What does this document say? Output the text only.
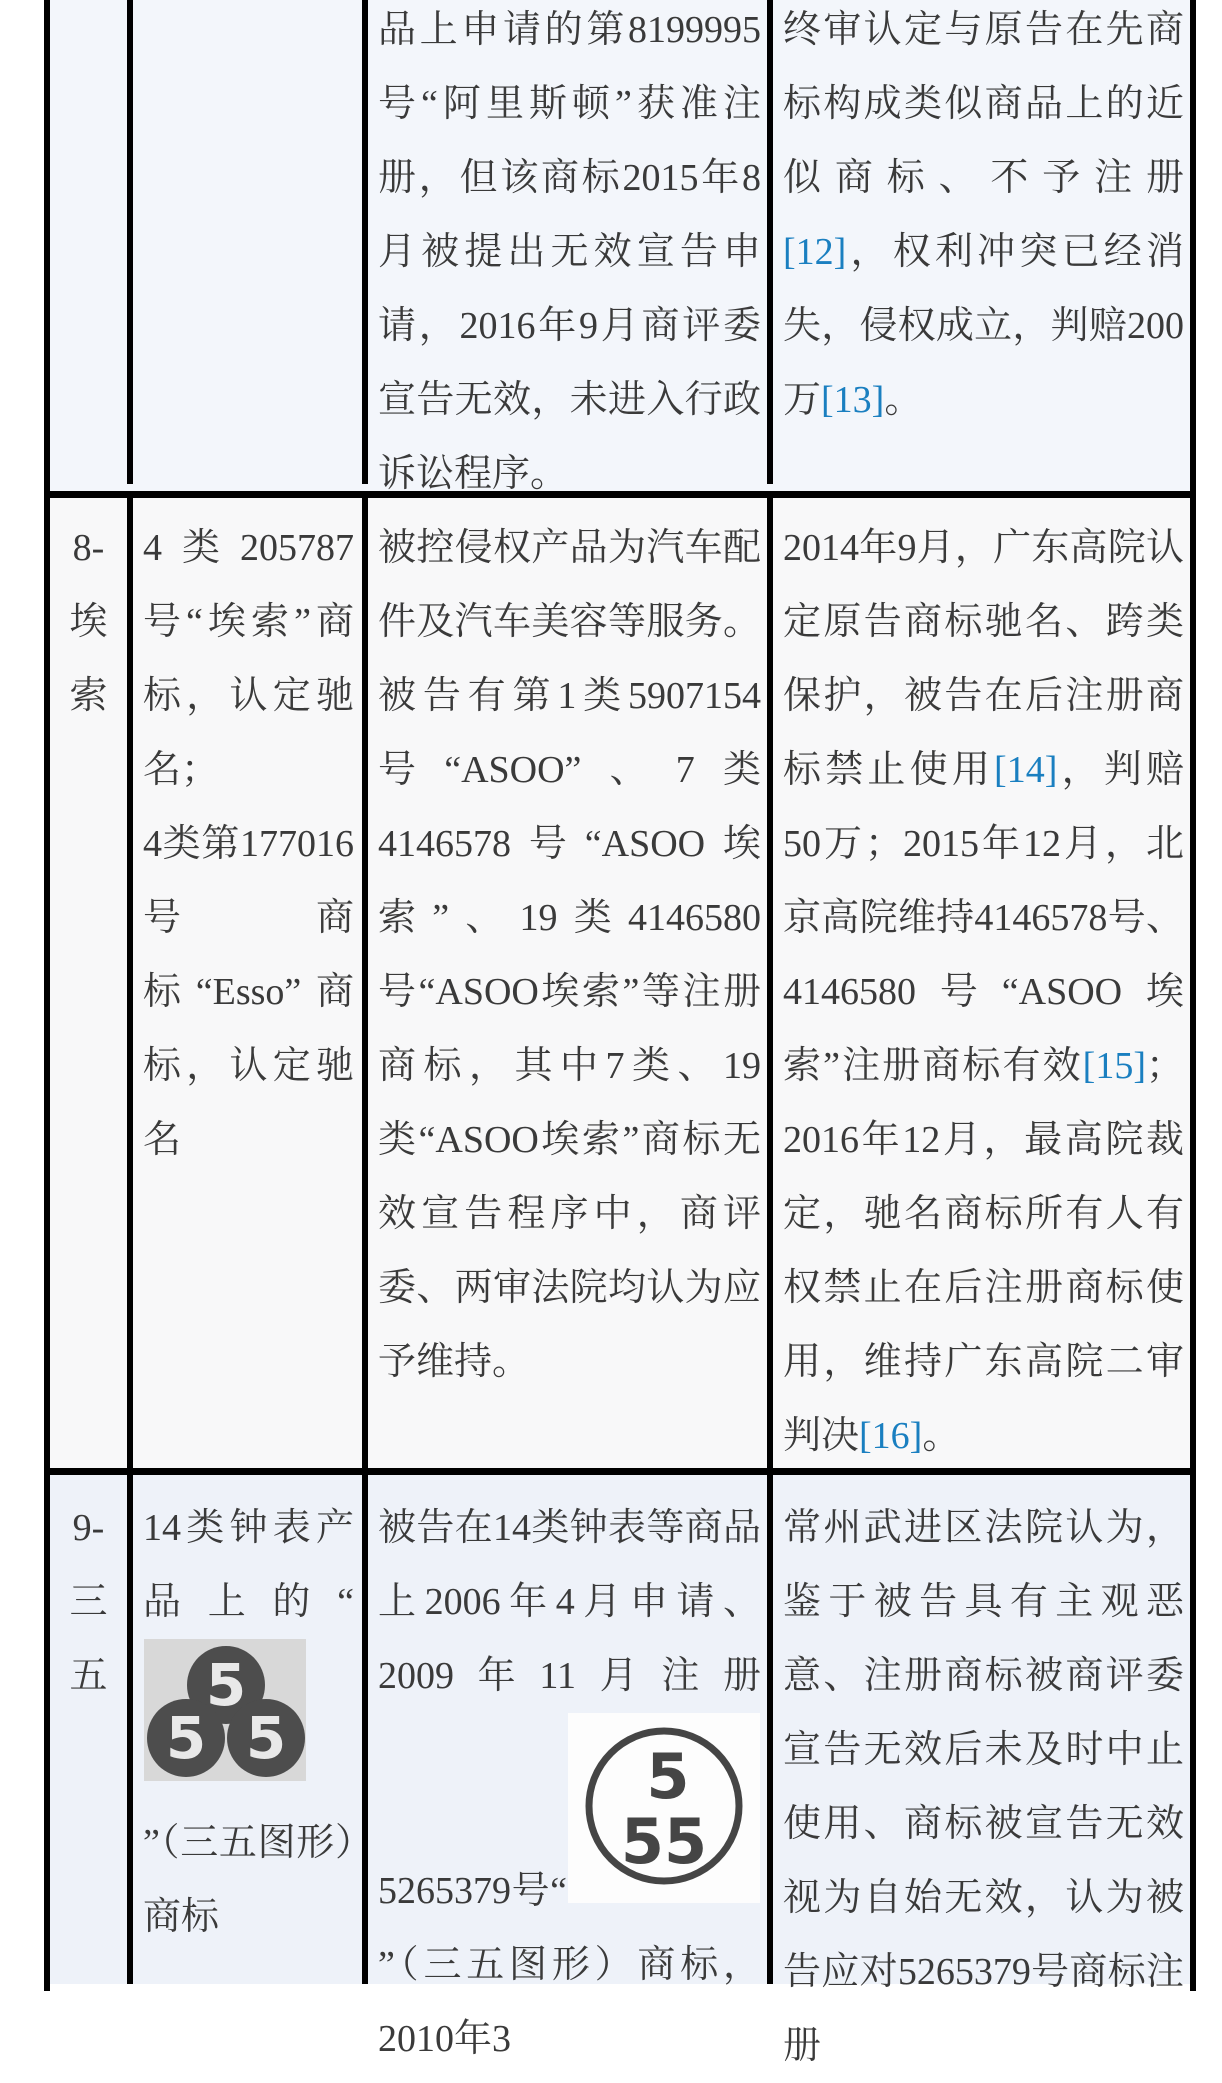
品上申请的第8199995号“阿里斯顿”获准注册，但该商标2015年8月被提出无效宣告申请，2016年9月商评委宣告无效，未进入行政诉讼程序。
终审认定与原告在先商标构成类似商品上的近似商标、不予注册[12]，权利冲突已经消失，侵权成立，判赔200万[13]。
8-
埃
索

4类205787号“埃索”商标，认定驰名；

4类第177016号商标“Esso”商标，认定驰名

被控侵权产品为汽车配件及汽车美容等服务。被告有第1类5907154号“ASOO”、7类4146578号“ASOO埃索”、19类4146580号“ASOO埃索”等注册商标，其中7类、19类“ASOO埃索”商标无效宣告程序中，商评委、两审法院均认为应予维持。
2014年9月，广东高院认定原告商标驰名、跨类保护，被告在后注册商标禁止使用[14]，判赔50万；2015年12月，北京高院维持4146578号、4146580号“ASOO埃索”注册商标有效[15]；2016年12月，最高院裁定，驰名商标所有人有权禁止在后注册商标使用，维持广东高院二审判决[16]。
9-
三
五
14类钟表产品上的“
5
5 5
”（三五图形）商标
被告在14类钟表等商品上2006年4月申请、2009年11月注册5265379号“
5
55
”（三五图形）商标，2010年3
常州武进区法院认为，鉴于被告具有主观恶意、注册商标被商评委宣告无效后未及时中止使用、商标被宣告无效视为自始无效，认为被告应对5265379号商标注册
